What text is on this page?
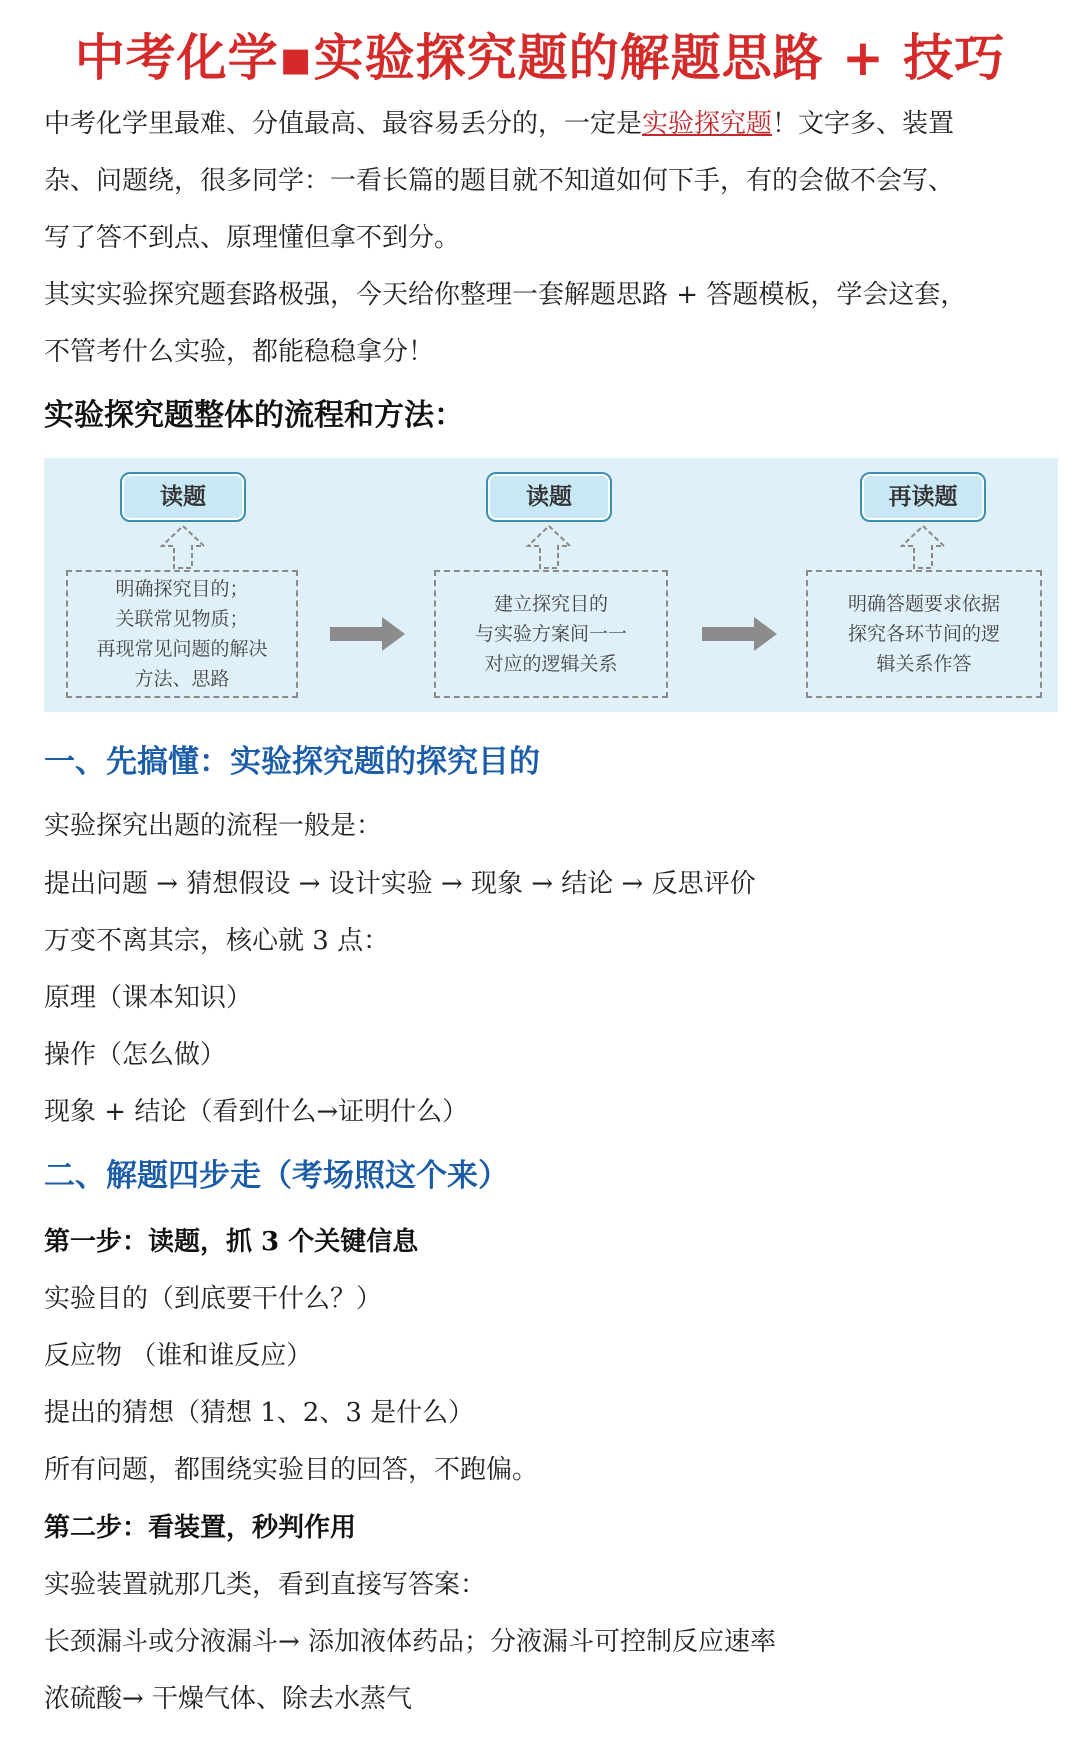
中考化学▪实验探究题的解题思路 + 技巧
中考化学里最难、分值最高、最容易丢分的，一定是实验探究题！文字多、装置
杂、问题绕，很多同学：一看长篇的题目就不知道如何下手，有的会做不会写、
写了答不到点、原理懂但拿不到分。
其实实验探究题套路极强，今天给你整理一套解题思路 + 答题模板，学会这套，
不管考什么实验，都能稳稳拿分！
实验探究题整体的流程和方法：
读题
明确探究目的；
关联常见物质；
再现常见问题的解决
方法、思路
读题
建立探究目的
与实验方案间一一
对应的逻辑关系
再读题
明确答题要求依据
探究各环节间的逻
辑关系作答
一、先搞懂：实验探究题的探究目的
实验探究出题的流程一般是：
提出问题 → 猜想假设 → 设计实验 → 现象 → 结论 → 反思评价
万变不离其宗，核心就 3 点：
原理（课本知识）
操作（怎么做）
现象 + 结论（看到什么→证明什么）
二、解题四步走（考场照这个来）
第一步：读题，抓 3 个关键信息
实验目的（到底要干什么？）
反应物 （谁和谁反应）
提出的猜想（猜想 1、2、3 是什么）
所有问题，都围绕实验目的回答，不跑偏。
第二步：看装置，秒判作用
实验装置就那几类，看到直接写答案：
长颈漏斗或分液漏斗→ 添加液体药品；分液漏斗可控制反应速率
浓硫酸→ 干燥气体、除去水蒸气
